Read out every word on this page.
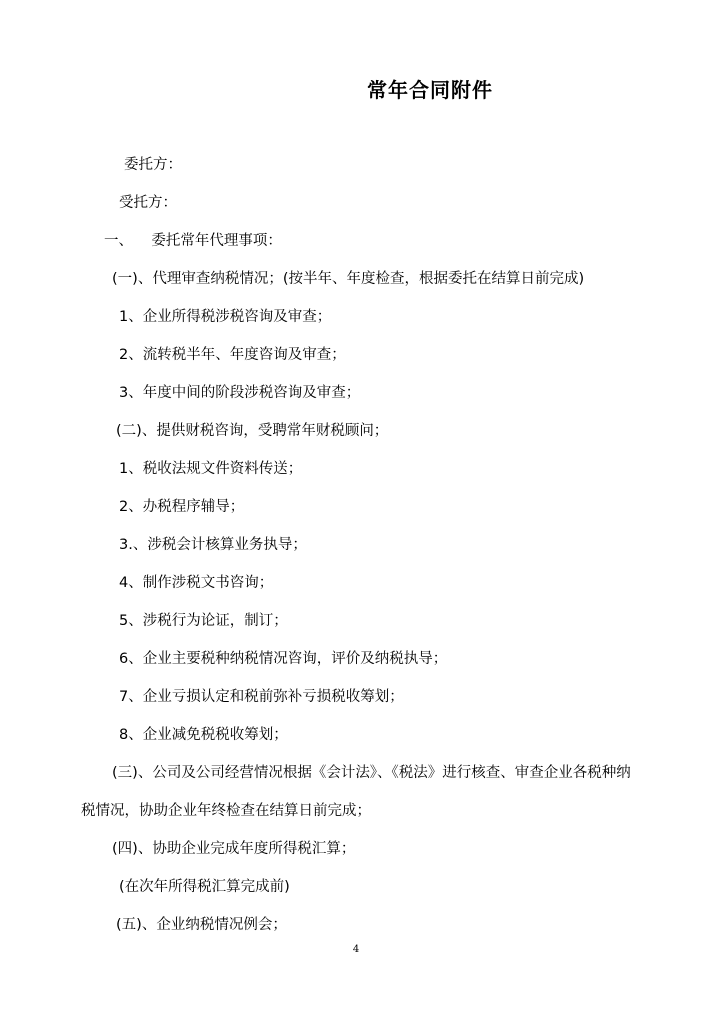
常年合同附件
委托方：
受托方：
一、    委托常年代理事项：
(一)、代理审查纳税情况；(按半年、年度检查，根据委托在结算日前完成)
1、企业所得税涉税咨询及审查；
2、流转税半年、年度咨询及审查；
3、年度中间的阶段涉税咨询及审查；
(二)、提供财税咨询，受聘常年财税顾问；
1、税收法规文件资料传送；
2、办税程序辅导；
3.、涉税会计核算业务执导；
4、制作涉税文书咨询；
5、涉税行为论证，制订；
6、企业主要税种纳税情况咨询，评价及纳税执导；
7、企业亏损认定和税前弥补亏损税收筹划；
8、企业减免税税收筹划；
(三)、公司及公司经营情况根据《会计法》、《税法》进行核查、审查企业各税种纳
税情况，协助企业年终检查在结算日前完成；
(四)、协助企业完成年度所得税汇算；
(在次年所得税汇算完成前)
(五)、企业纳税情况例会；
4
